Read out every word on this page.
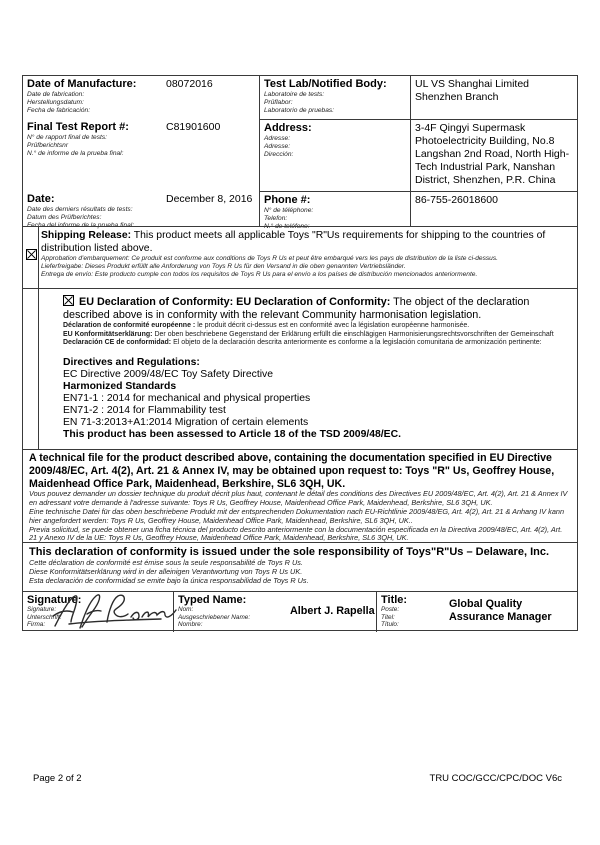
Date of Manufacture:
Date de fabrication:
Herstellungsdatum:
Fecha de fabricación:
08072016
Final Test Report #:
N° de rapport final de tests:
Prüfberichtsnr
N.° de informe de la prueba final:
C81901600
Date:
Date des derniers résultats de tests:
Datum des Prüfberichtes:
Fecha del informe de la prueba final:
December 8, 2016
Test Lab/Notified Body:
Laboratoire de tests:
Prüflabor:
Laboratorio de pruebas:
UL VS Shanghai Limited Shenzhen Branch
Address:
Adresse:
Adresse:
Dirección:
3-4F Qingyi Supermask Photoelectricity Building, No.8 Langshan 2nd Road, North High-Tech Industrial Park, Nanshan District, Shenzhen, P.R. China
Phone #:
N° de téléphone:
Telefon:
N.° de teléfono:
86-755-26018600
Shipping Release: This product meets all applicable Toys "R"Us requirements for shipping to the countries of distribution listed above.
Approbation d'embarquement: Ce produit est conforme aux conditions de Toys R Us et peut être embarqué vers les pays de distribution de la liste ci-dessus.
Lieferfreigabe: Dieses Produkt erfüllt alle Anforderung von Toys R Us für den Versand in die oben genannten Vertriebsländer.
Entrega de envío: Este producto cumple con todos los requisitos de Toys R Us para el envío a los países de distribución mencionados anteriormente.
EU Declaration of Conformity: EU Declaration of Conformity: The object of the declaration described above is in conformity with the relevant Community harmonisation legislation.
Déclaration de conformité européenne : le produit décrit ci-dessus est en conformité avec la législation européenne harmonisée.
EU Konformitätserklärung: Der oben beschriebene Gegenstand der Erklärung erfüllt die einschlägigen Harmonisierungsrechtsvorschriften der Gemeinschaft
Declaración CE de conformidad: El objeto de la declaración descrita anteriormente es conforme a la legislación comunitaria de armonización pertinente:
Directives and Regulations:
EC Directive 2009/48/EC Toy Safety Directive
Harmonized Standards
EN71-1 : 2014 for mechanical and physical properties
EN71-2 : 2014 for Flammability test
EN 71-3:2013+A1:2014 Migration of certain elements
This product has been assessed to Article 18 of the TSD 2009/48/EC.
A technical file for the product described above, containing the documentation specified in EU Directive 2009/48/EC, Art. 4(2), Art. 21 & Annex IV, may be obtained upon request to: Toys "R" Us, Geoffrey House, Maidenhead Office Park, Maidenhead, Berkshire, SL6 3QH, UK.
Vous pouvez demander un dossier technique du produit décrit plus haut, contenant le détail des conditions des Directives EU 2009/48/EC, Art. 4(2), Art. 21 & Annex IV en adressant votre demande à l'adresse suivante: Toys R Us, Geoffrey House, Maidenhead Office Park, Maidenhead, Berkshire, SL6 3QH, UK.
Eine technische Datei für das oben beschriebene Produkt mit der entsprechenden Dokumentation nach EU-Richtlinie 2009/48/EG, Art. 4(2), Art. 21 & Anhang IV kann hier angefordert werden: Toys R Us, Geoffrey House, Maidenhead Office Park, Maidenhead, Berkshire, SL6 3QH, UK..
Previa solicitud, se puede obtener una ficha técnica del producto descrito anteriormente con la documentación especificada en la Directiva 2009/48/EC, Art. 4(2), Art. 21 y Anexo IV de la UE: Toys R Us, Geoffrey House, Maidenhead Office Park, Maidenhead, Berkshire, SL6 3QH, UK.
This declaration of conformity is issued under the sole responsibility of Toys"R"Us – Delaware, Inc.
Cette déclaration de conformité est émise sous la seule responsabilité de Toys R Us.
Diese Konformitätserklärung wird in der alleinigen Verantwortung von Toys R Us UK.
Esta declaración de conformidad se emite bajo la única responsabilidad de Toys R Us.
Signature:
Signature:
Unterschrift:
Firma:
Typed Name:
Nom:
Ausgeschriebener Name:
Nombre:
Albert J. Rapella
Title:
Poste:
Titel:
Título:
Global Quality Assurance Manager
Page 2 of 2	TRU COC/GCC/CPC/DOC V6c
